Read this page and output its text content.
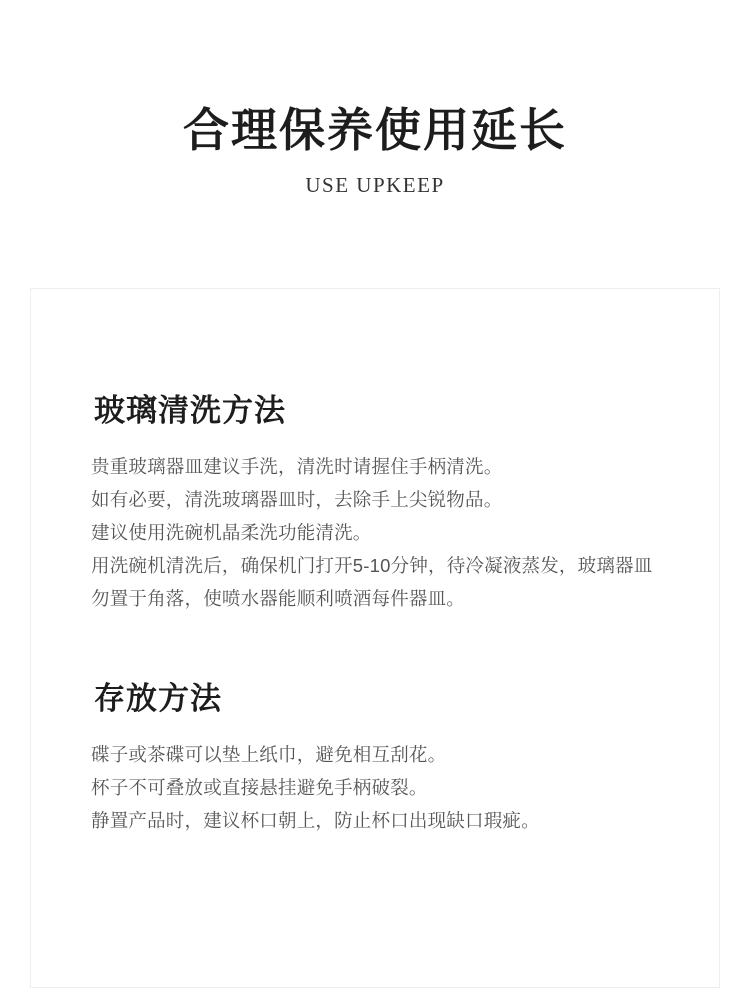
合理保养使用延长
USE UPKEEP
玻璃清洗方法
贵重玻璃器皿建议手洗，清洗时请握住手柄清洗。
如有必要，清洗玻璃器皿时，去除手上尖锐物品。
建议使用洗碗机晶柔洗功能清洗。
用洗碗机清洗后，确保机门打开5-10分钟，待冷凝液蒸发，玻璃器皿勿置于角落，使喷水器能顺利喷酒每件器皿。
存放方法
碟子或茶碟可以垫上纸巾，避免相互刮花。
杯子不可叠放或直接悬挂避免手柄破裂。
静置产品时，建议杯口朝上，防止杯口出现缺口瑕疵。
